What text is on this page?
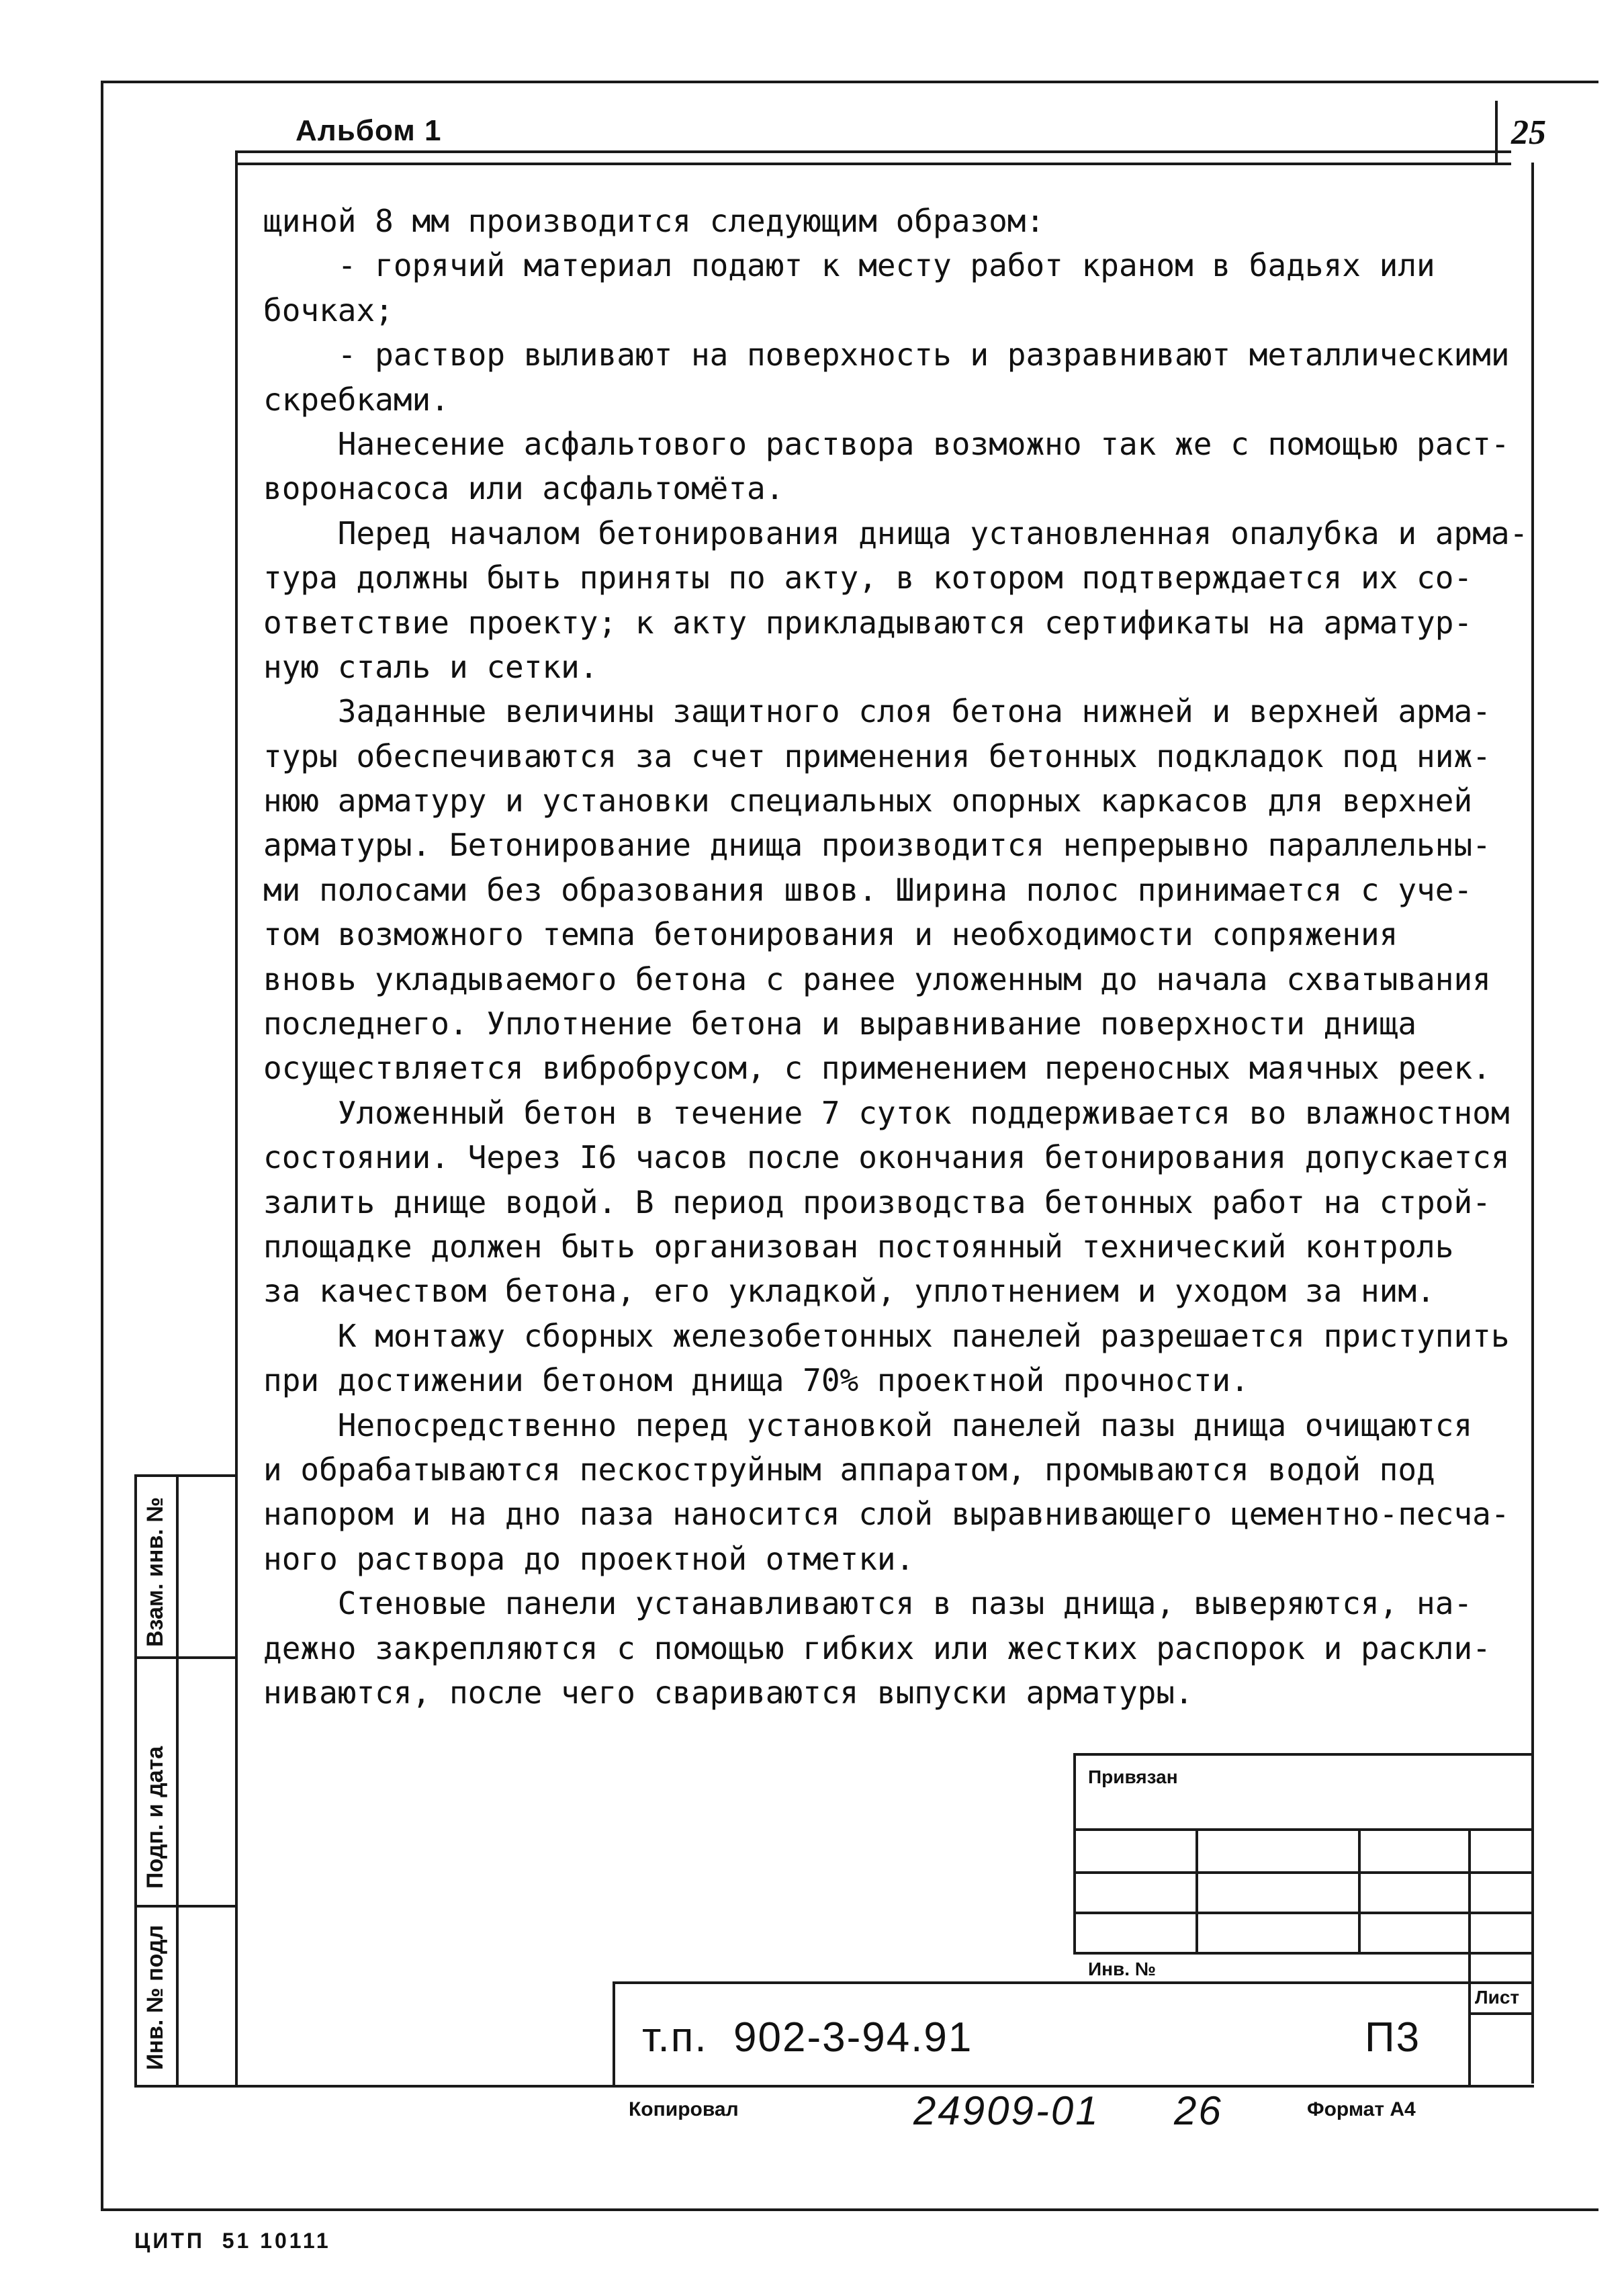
Альбом 1	25
щиной 8 мм производится следующим образом:
- горячий материал подают к месту работ краном в бадьях или
бочках;
- раствор выливают на поверхность и разравнивают металлическими
скребками.
Нанесение асфальтового раствора возможно так же с помощью раст-
воронасоса или асфальтомёта.
Перед началом бетонирования днища установленная опалубка и арма-
тура должны быть приняты по акту, в котором подтверждается их со-
ответствие проекту; к акту прикладываются сертификаты на арматур-
ную сталь и сетки.
Заданные величины защитного слоя бетона нижней и верхней арма-
туры обеспечиваются за счет применения бетонных подкладок под ниж-
нюю арматуру и установки специальных опорных каркасов для верхней
арматуры. Бетонирование днища производится непрерывно параллельны-
ми полосами без образования швов. Ширина полос принимается с уче-
том возможного темпа бетонирования и необходимости сопряжения
вновь укладываемого бетона с ранее уложенным до начала схватывания
последнего. Уплотнение бетона и выравнивание поверхности днища
осуществляется вибробрусом, с применением переносных маячных реек.
Уложенный бетон в течение 7 суток поддерживается во влажностном
состоянии. Через I6 часов после окончания бетонирования допускается
залить днище водой. В период производства бетонных работ на строй-
площадке должен быть организован постоянный технический контроль
за качеством бетона, его укладкой, уплотнением и уходом за ним.
К монтажу сборных железобетонных панелей разрешается приступить
при достижении бетоном днища 70% проектной прочности.
Непосредственно перед установкой панелей пазы днища очищаются
и обрабатываются пескоструйным аппаратом, промываются водой под
напором и на дно паза наносится слой выравнивающего цементно-песча-
ного раствора до проектной отметки.
Стеновые панели устанавливаются в пазы днища, выверяются, на-
дежно закрепляются с помощью гибких или жестких распорок и раскли-
ниваются, после чего свариваются выпуски арматуры.
Взам. инв. №
Подп. и дата
Инв. № подл
Привязан
Инв. №
Лист
т.п.  902-3-94.91	П3
Копировал	24909-01 26	Формат А4
ЦИТП  51 10111
